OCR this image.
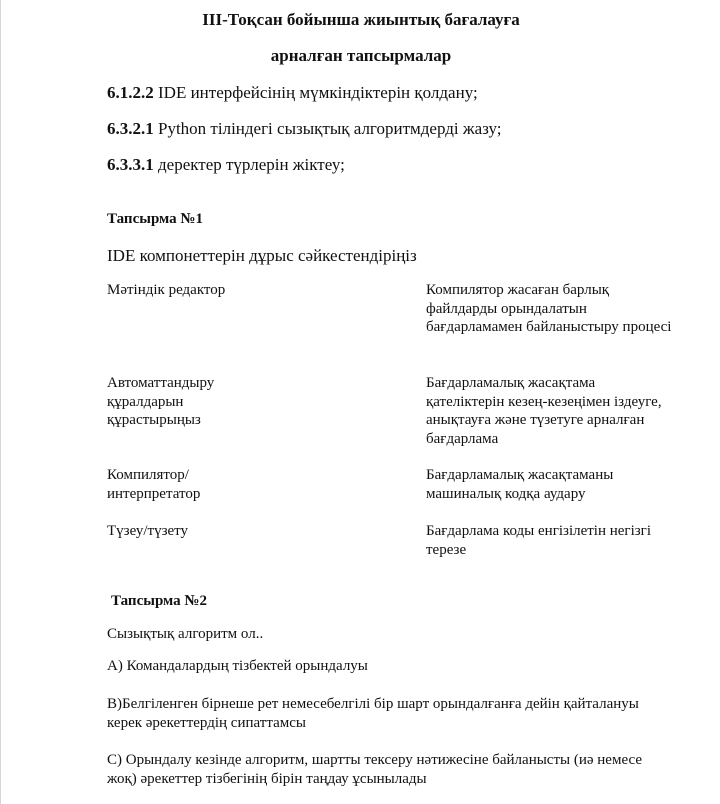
ІІІ-Тоқсан бойынша жиынтық бағалауға

арналған тапсырмалар

6.1.2.2 IDE интерфейсінің мүмкіндіктерін қолдану;

6.3.2.1 Python тіліндегі сызықтық алгоритмдерді жазу;

6.3.3.1 деректер түрлерін жіктеу;

Тапсырма №1

IDE компонеттерін дұрыс сәйкестендіріңіз

Мәтіндік редактор	Компилятор жасаған барлық файлдарды орындалатын бағдарламамен байланыстыру процесі

Автоматтандыру құралдарын құрастырыңыз

Бағдарламалық жасақтама қателіктерін кезең-кезеңімен іздеуге, анықтауға және түзетуге арналған бағдарлама

Компилятор/ интерпретатор

Бағдарламалық жасақтаманы машиналық кодқа аудару

Түзеу/түзету	Бағдарлама коды енгізілетін негізгі терезе

Тапсырма №2

Сызықтық алгоритм ол..

А) Командалардың тізбектей орындалуы

В)Белгіленген бірнеше рет немесебелгілі бір шарт орындалғанға дейін қайталануы керек әрекеттердің сипаттамсы

С) Орындалу кезінде алгоритм, шартты тексеру нәтижесіне байланысты (иә немесе жоқ) әрекеттер тізбегінің бірін таңдау ұсынылады
